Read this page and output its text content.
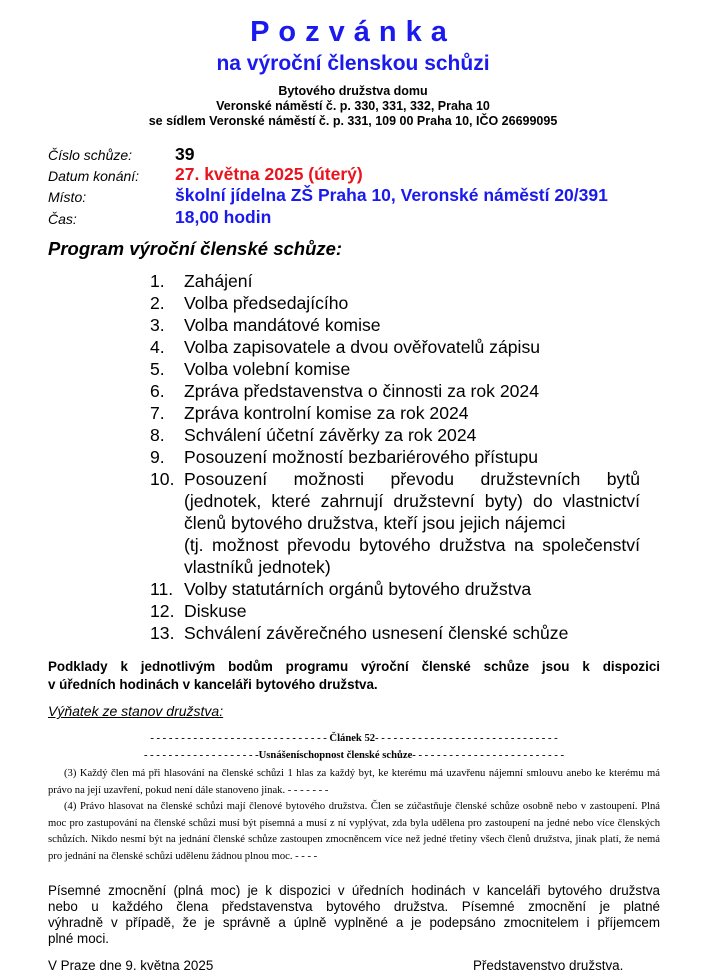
Pozvánka
na výroční členskou schůzi
Bytového družstva domu
Veronské náměstí č. p. 330, 331, 332, Praha 10
se sídlem Veronské náměstí č. p. 331, 109 00 Praha 10, IČO 26699095
Číslo schůze: 39
Datum konání: 27. května 2025 (úterý)
Místo:	školní jídelna ZŠ Praha 10, Veronské náměstí 20/391
Čas:	18,00 hodin
Program výroční členské schůze:
1.	Zahájení
2.	Volba předsedajícího
3.	Volba mandátové komise
4.	Volba zapisovatele a dvou ověřovatelů zápisu
5.	Volba volební komise
6.	Zpráva představenstva o činnosti za rok 2024
7.	Zpráva kontrolní komise za rok 2024
8.	Schválení účetní závěrky za rok 2024
9.	Posouzení možností bezbariérového přístupu
10. Posouzení možnosti převodu družstevních bytů
(jednotek, které zahrnují družstevní byty) do vlastnictví
členů bytového družstva, kteří jsou jejich nájemci
(tj. možnost převodu bytového družstva na společenství
vlastníků jednotek)
11. Volby statutárních orgánů bytového družstva
12. Diskuse
13. Schválení závěrečného usnesení členské schůze
Podklady k jednotlivým bodům programu výroční členské schůze jsou k dispozici
v úředních hodinách v kanceláři bytového družstva.
Výňatek ze stanov družstva:
- - - - - - - - - - - - - - - - - - - - - - - - - - - - - Článek 52- - - - - - - - - - - - - - - - - - - - - - - - - - - - - -
- - - - - - - - - - - - - - - - - - -Usnášeníschopnost členské schůze- - - - - - - - - - - - - - - - - - - - - - - - -
(3) Každý člen má při hlasování na členské schůzi 1 hlas za každý byt, ke kterému má uzavřenu nájemní smlouvu anebo ke kterému má právo na její uzavření, pokud není dále stanoveno jinak. - - - - - - -
(4) Právo hlasovat na členské schůzi mají členové bytového družstva. Člen se zúčastňuje členské schůze osobně nebo v zastoupení. Plná moc pro zastupování na členské schůzi musí být písemná a musí z ní vyplývat, zda byla udělena pro zastoupení na jedné nebo více členských schůzích. Nikdo nesmí být na jednání členské schůze zastoupen zmocněncem více než jedné třetiny všech členů družstva, jinak platí, že nemá pro jednání na členské schůzi udělenu žádnou plnou moc. - - - -
Písemné zmocnění (plná moc) je k dispozici v úředních hodinách v kanceláři bytového družstva
nebo u každého člena představenstva bytového družstva. Písemné zmocnění je platné
výhradně v případě, že je správně a úplně vyplněné a je podepsáno zmocnitelem i příjemcem
plné moci.
V Praze dne 9. května 2025	Představenstvo družstva.
